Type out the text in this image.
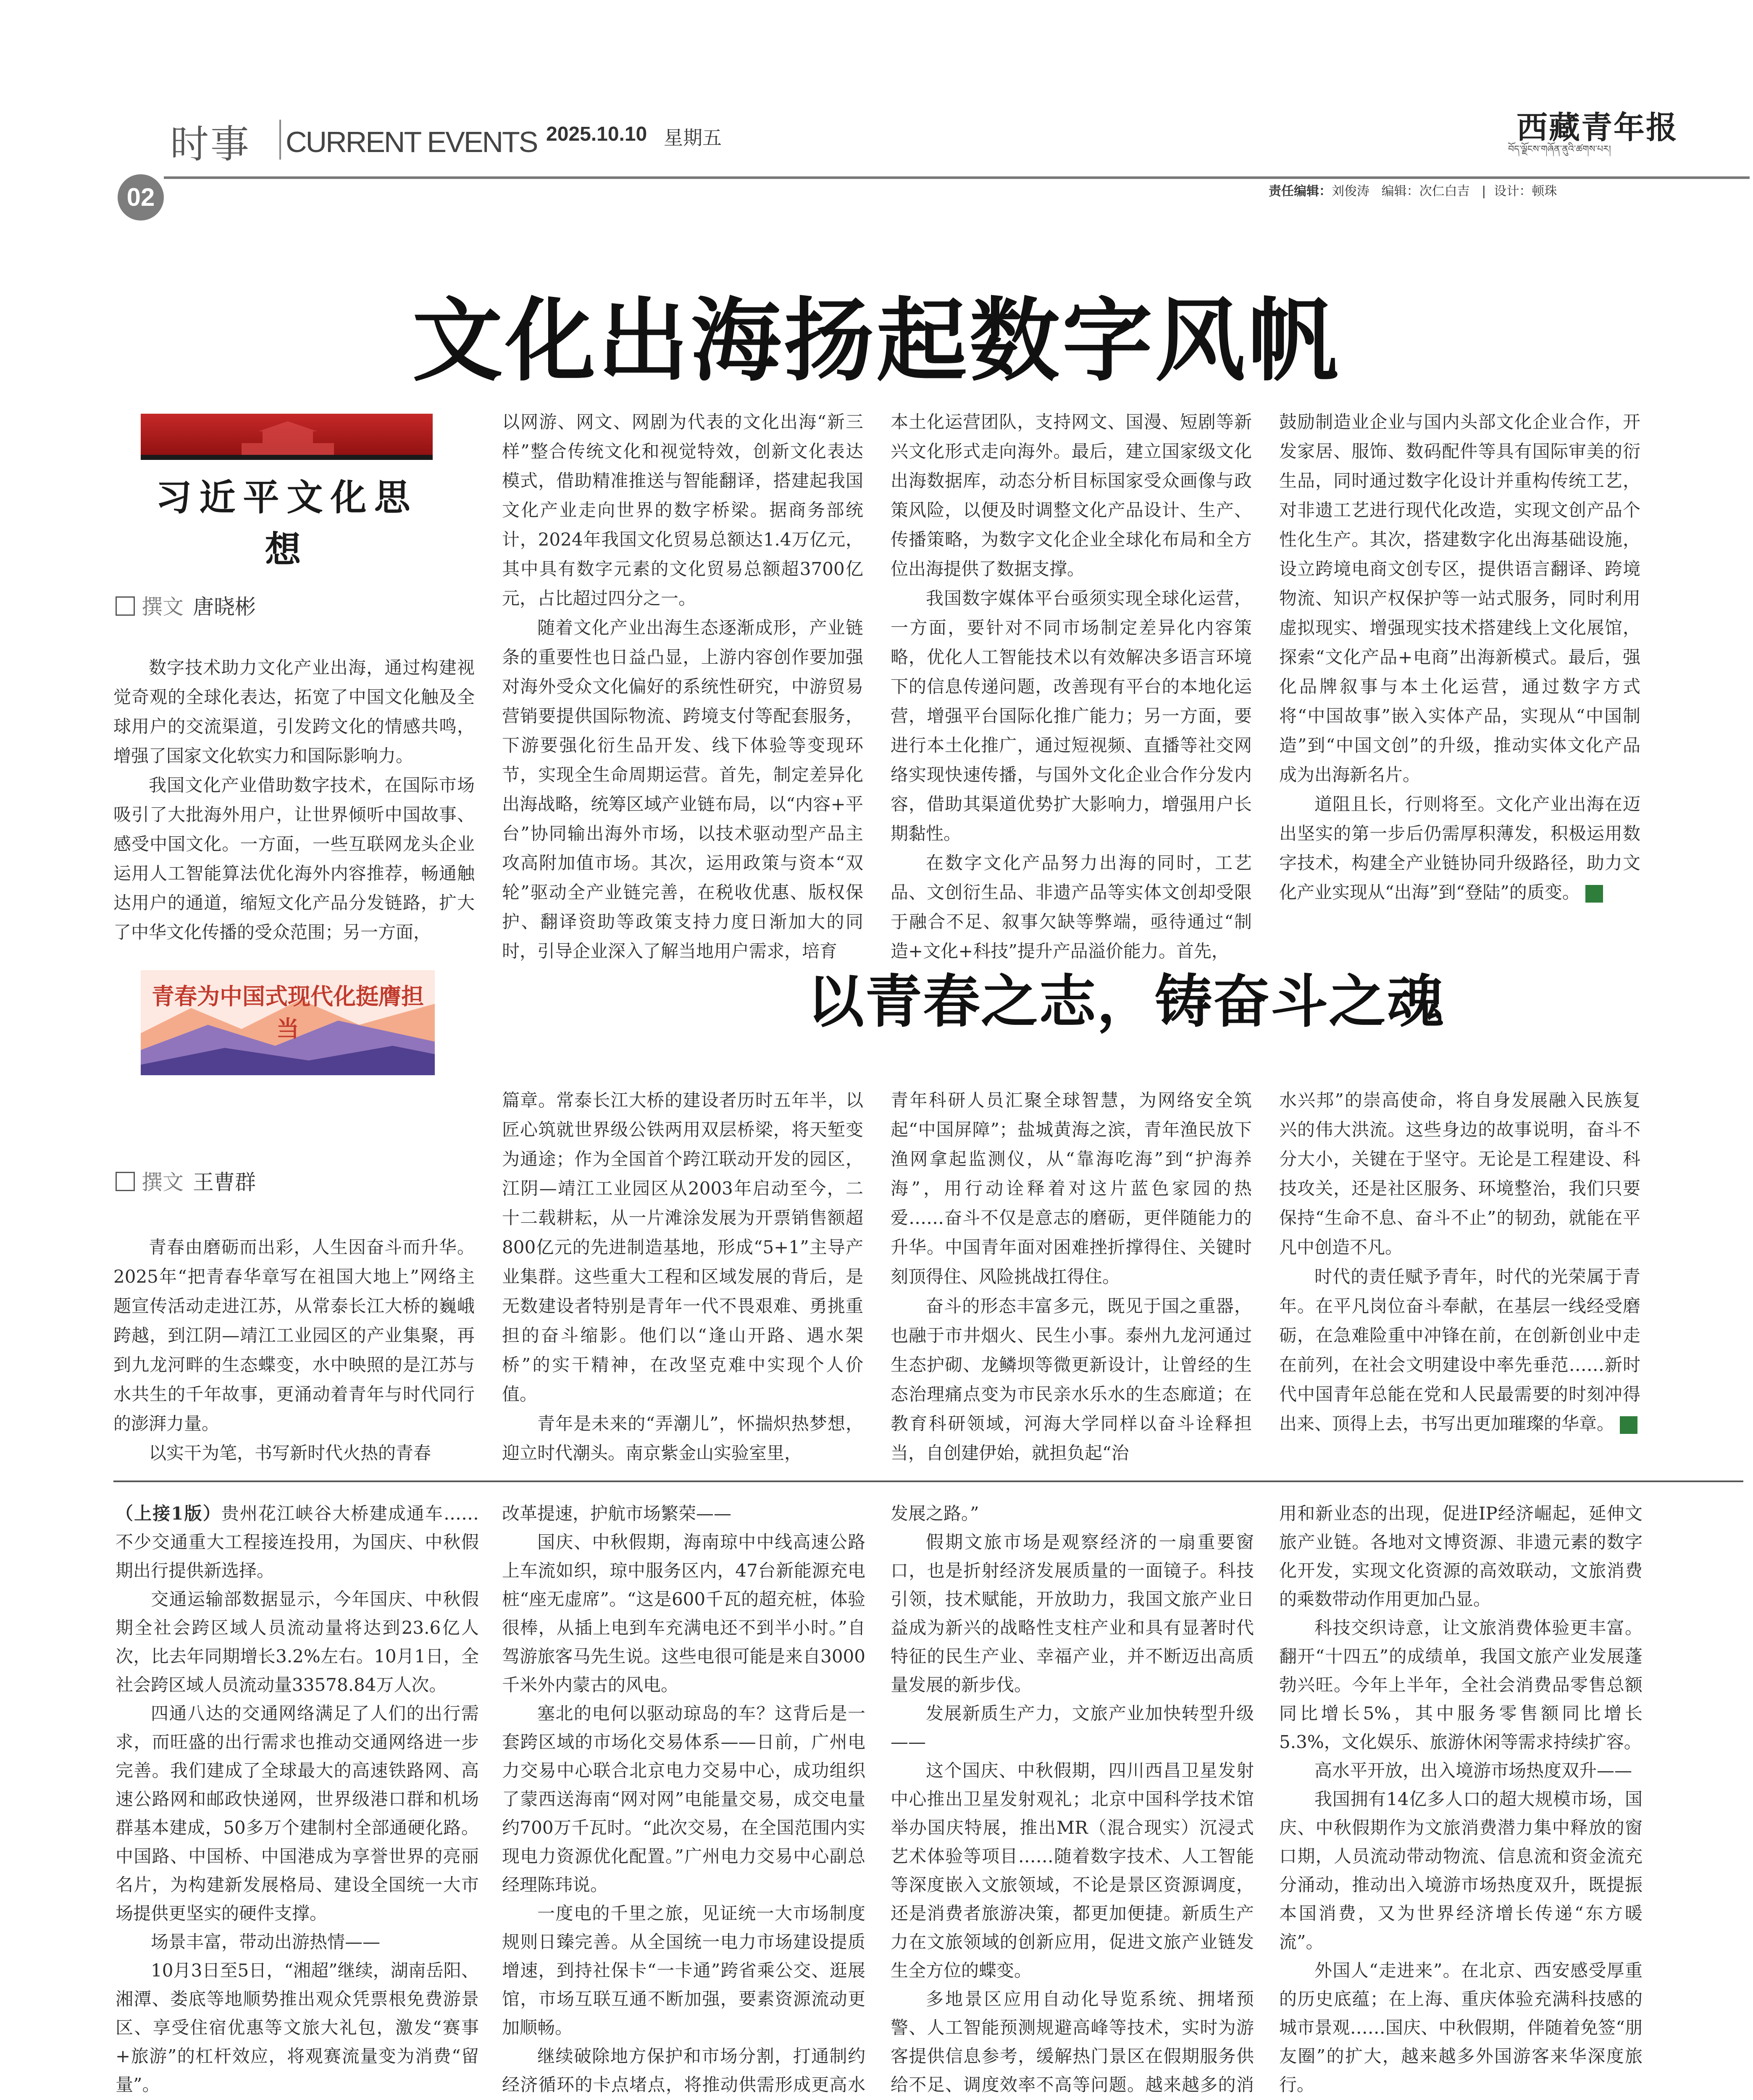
时事 CURRENT EVENTS 2025.10.10 星期五	西藏青年报
བོད་ལྗོངས་གཞོན་ནུའི་ཚགས་པར།
02	责任编辑：刘俊涛 编辑：次仁白吉   |  设计：顿珠
文化出海扬起数字风帆
习近平文化思想
撰文 唐晓彬

数字技术助力文化产业出海，通过构建视觉奇观的全球化表达，拓宽了中国文化触及全球用户的交流渠道，引发跨文化的情感共鸣，增强了国家文化软实力和国际影响力。

我国文化产业借助数字技术，在国际市场吸引了大批海外用户，让世界倾听中国故事、感受中国文化。一方面，一些互联网龙头企业运用人工智能算法优化海外内容推荐，畅通触达用户的通道，缩短文化产品分发链路，扩大了中华文化传播的受众范围；另一方面，

以网游、网文、网剧为代表的文化出海“新三样”整合传统文化和视觉特效，创新文化表达模式，借助精准推送与智能翻译，搭建起我国文化产业走向世界的数字桥梁。据商务部统计，2024年我国文化贸易总额达1.4万亿元，其中具有数字元素的文化贸易总额超3700亿元，占比超过四分之一。

随着文化产业出海生态逐渐成形，产业链条的重要性也日益凸显，上游内容创作要加强对海外受众文化偏好的系统性研究，中游贸易营销要提供国际物流、跨境支付等配套服务，下游要强化衍生品开发、线下体验等变现环节，实现全生命周期运营。首先，制定差异化出海战略，统筹区域产业链布局，以“内容+平台”协同输出海外市场，以技术驱动型产品主攻高附加值市场。其次，运用政策与资本“双轮”驱动全产业链完善，在税收优惠、版权保护、翻译资助等政策支持力度日渐加大的同时，引导企业深入了解当地用户需求，培育

本土化运营团队，支持网文、国漫、短剧等新兴文化形式走向海外。最后，建立国家级文化出海数据库，动态分析目标国家受众画像与政策风险，以便及时调整文化产品设计、生产、传播策略，为数字文化企业全球化布局和全方位出海提供了数据支撑。

我国数字媒体平台亟须实现全球化运营，一方面，要针对不同市场制定差异化内容策略，优化人工智能技术以有效解决多语言环境下的信息传递问题，改善现有平台的本地化运营，增强平台国际化推广能力；另一方面，要进行本土化推广，通过短视频、直播等社交网络实现快速传播，与国外文化企业合作分发内容，借助其渠道优势扩大影响力，增强用户长期黏性。

在数字文化产品努力出海的同时，工艺品、文创衍生品、非遗产品等实体文创却受限于融合不足、叙事欠缺等弊端，亟待通过“制造+文化+科技”提升产品溢价能力。首先，

鼓励制造业企业与国内头部文化企业合作，开发家居、服饰、数码配件等具有国际审美的衍生品，同时通过数字化设计并重构传统工艺，对非遗工艺进行现代化改造，实现文创产品个性化生产。其次，搭建数字化出海基础设施，设立跨境电商文创专区，提供语言翻译、跨境物流、知识产权保护等一站式服务，同时利用虚拟现实、增强现实技术搭建线上文化展馆，探索“文化产品+电商”出海新模式。最后，强化品牌叙事与本土化运营，通过数字方式将“中国故事”嵌入实体产品，实现从“中国制造”到“中国文创”的升级，推动实体文化产品成为出海新名片。

道阻且长，行则将至。文化产业出海在迈出坚实的第一步后仍需厚积薄发，积极运用数字技术，构建全产业链协同升级路径，助力文化产业实现从“出海”到“登陆”的质变。	◆

以青春之志，铸奋斗之魂
青春为中国式现代化挺膺担当
撰文 王曹群

青春由磨砺而出彩，人生因奋斗而升华。2025年“把青春华章写在祖国大地上”网络主题宣传活动走进江苏，从常泰长江大桥的巍峨跨越，到江阴—靖江工业园区的产业集聚，再到九龙河畔的生态蝶变，水中映照的是江苏与水共生的千年故事，更涌动着青年与时代同行的澎湃力量。

以实干为笔，书写新时代火热的青春

篇章。常泰长江大桥的建设者历时五年半，以匠心筑就世界级公铁两用双层桥梁，将天堑变为通途；作为全国首个跨江联动开发的园区，江阴—靖江工业园区从2003年启动至今，二十二载耕耘，从一片滩涂发展为开票销售额超800亿元的先进制造基地，形成“5+1”主导产业集群。这些重大工程和区域发展的背后，是无数建设者特别是青年一代不畏艰难、勇挑重担的奋斗缩影。他们以“逢山开路、遇水架桥”的实干精神，在改坚克难中实现个人价值。

青年是未来的“弄潮儿”，怀揣炽热梦想，迎立时代潮头。南京紫金山实验室里，

青年科研人员汇聚全球智慧，为网络安全筑起“中国屏障”；盐城黄海之滨，青年渔民放下渔网拿起监测仪，从“靠海吃海”到“护海养海”，用行动诠释着对这片蓝色家园的热爱……奋斗不仅是意志的磨砺，更伴随能力的升华。中国青年面对困难挫折撑得住、关键时刻顶得住、风险挑战扛得住。

奋斗的形态丰富多元，既见于国之重器，也融于市井烟火、民生小事。泰州九龙河通过生态护砌、龙鳞坝等微更新设计，让曾经的生态治理痛点变为市民亲水乐水的生态廊道；在教育科研领域，河海大学同样以奋斗诠释担当，自创建伊始，就担负起“治

水兴邦”的崇高使命，将自身发展融入民族复兴的伟大洪流。这些身边的故事说明，奋斗不分大小，关键在于坚守。无论是工程建设、科技攻关，还是社区服务、环境整治，我们只要保持“生命不息、奋斗不止”的韧劲，就能在平凡中创造不凡。

时代的责任赋予青年，时代的光荣属于青年。在平凡岗位奋斗奉献，在基层一线经受磨砺，在急难险重中冲锋在前，在创新创业中走在前列，在社会文明建设中率先垂范……新时代中国青年总能在党和人民最需要的时刻冲得出来、顶得上去，书写出更加璀璨的华章。	◆

（上接1版）贵州花江峡谷大桥建成通车……不少交通重大工程接连投用，为国庆、中秋假期出行提供新选择。

交通运输部数据显示，今年国庆、中秋假期全社会跨区域人员流动量将达到23.6亿人次，比去年同期增长3.2%左右。10月1日，全社会跨区域人员流动量33578.84万人次。

四通八达的交通网络满足了人们的出行需求，而旺盛的出行需求也推动交通网络进一步完善。我们建成了全球最大的高速铁路网、高速公路网和邮政快递网，世界级港口群和机场群基本建成，50多万个建制村全部通硬化路。中国路、中国桥、中国港成为享誉世界的亮丽名片，为构建新发展格局、建设全国统一大市场提供更坚实的硬件支撑。

场景丰富，带动出游热情——

10月3日至5日，“湘超”继续，湖南岳阳、湘潭、娄底等地顺势推出观众凭票根免费游景区、享受住宿优惠等文旅大礼包，激发“赛事+旅游”的杠杆效应，将观赛流量变为消费“留量”。

改革提速，护航市场繁荣——

国庆、中秋假期，海南琼中中线高速公路上车流如织，琼中服务区内，47台新能源充电桩“座无虚席”。“这是600千瓦的超充桩，体验很棒，从插上电到车充满电还不到半小时。”自驾游旅客马先生说。这些电很可能是来自3000千米外内蒙古的风电。

塞北的电何以驱动琼岛的车？这背后是一套跨区域的市场化交易体系——日前，广州电力交易中心联合北京电力交易中心，成功组织了蒙西送海南“网对网”电能量交易，成交电量约700万千瓦时。“此次交易，在全国范围内实现电力资源优化配置。”广州电力交易中心副总经理陈玮说。

一度电的千里之旅，见证统一大市场制度规则日臻完善。从全国统一电力市场建设提质增速，到持社保卡“一卡通”跨省乘公交、逛展馆，市场互联互通不断加强，要素资源流动更加顺畅。

继续破除地方保护和市场分割，打通制约经济循环的卡点堵点，将推动供需形成更高水

发展之路。”

假期文旅市场是观察经济的一扇重要窗口，也是折射经济发展质量的一面镜子。科技引领，技术赋能，开放助力，我国文旅产业日益成为新兴的战略性支柱产业和具有显著时代特征的民生产业、幸福产业，并不断迈出高质量发展的新步伐。

发展新质生产力，文旅产业加快转型升级——

这个国庆、中秋假期，四川西昌卫星发射中心推出卫星发射观礼；北京中国科学技术馆举办国庆特展，推出MR（混合现实）沉浸式艺术体验等项目……随着数字技术、人工智能等深度嵌入文旅领域，不论是景区资源调度，还是消费者旅游决策，都更加便捷。新质生产力在文旅领域的创新应用，促进文旅产业链发生全方位的蝶变。

多地景区应用自动化导览系统、拥堵预警、人工智能预测规避高峰等技术，实时为游客提供信息参考，缓解热门景区在假期服务供给不足、调度效率不高等问题。越来越多的消

用和新业态的出现，促进IP经济崛起，延伸文旅产业链。各地对文博资源、非遗元素的数字化开发，实现文化资源的高效联动，文旅消费的乘数带动作用更加凸显。

科技交织诗意，让文旅消费体验更丰富。翻开“十四五”的成绩单，我国文旅产业发展蓬勃兴旺。今年上半年，全社会消费品零售总额同比增长5%，其中服务零售额同比增长5.3%，文化娱乐、旅游休闲等需求持续扩容。

高水平开放，出入境游市场热度双升——

我国拥有14亿多人口的超大规模市场，国庆、中秋假期作为文旅消费潜力集中释放的窗口期，人员流动带动物流、信息流和资金流充分涌动，推动出入境游市场热度双升，既提振本国消费，又为世界经济增长传递“东方暖流”。

外国人“走进来”。在北京、西安感受厚重的历史底蕴；在上海、重庆体验充满科技感的城市景观……国庆、中秋假期，伴随着免签“朋友圈”的扩大，越来越多外国游客来华深度旅行。
